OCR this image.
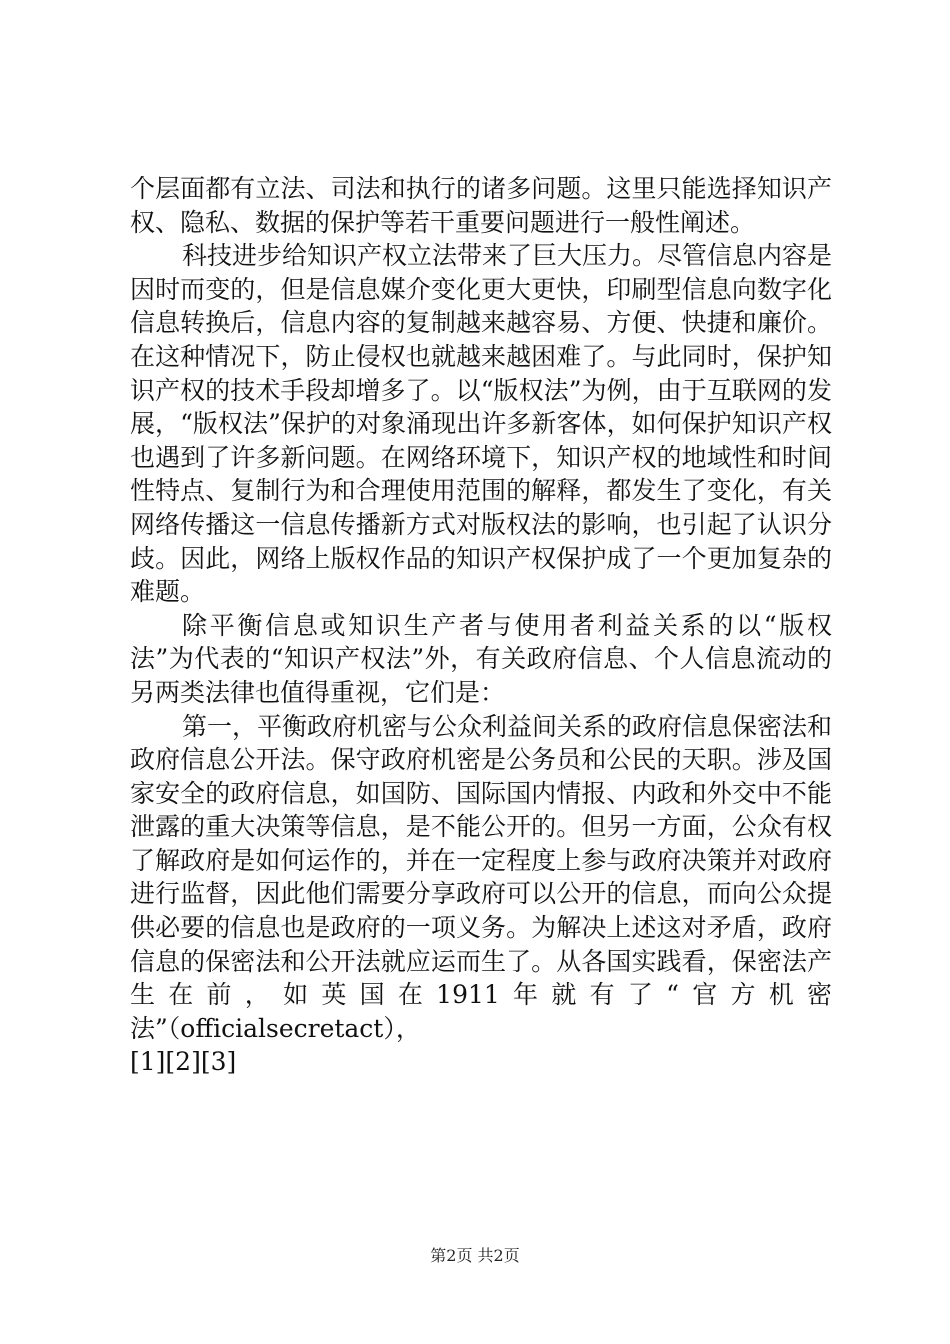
个层面都有立法、司法和执行的诸多问题。这里只能选择知识产权、隐私、数据的保护等若干重要问题进行一般性阐述。

科技进步给知识产权立法带来了巨大压力。尽管信息内容是因时而变的，但是信息媒介变化更大更快，印刷型信息向数字化信息转换后，信息内容的复制越来越容易、方便、快捷和廉价。在这种情况下，防止侵权也就越来越困难了。与此同时，保护知识产权的技术手段却增多了。以“版权法”为例，由于互联网的发展，“版权法”保护的对象涌现出许多新客体，如何保护知识产权也遇到了许多新问题。在网络环境下，知识产权的地域性和时间性特点、复制行为和合理使用范围的解释，都发生了变化，有关网络传播这一信息传播新方式对版权法的影响，也引起了认识分歧。因此，网络上版权作品的知识产权保护成了一个更加复杂的难题。

除平衡信息或知识生产者与使用者利益关系的以“版权法”为代表的“知识产权法”外，有关政府信息、个人信息流动的另两类法律也值得重视，它们是：

第一，平衡政府机密与公众利益间关系的政府信息保密法和政府信息公开法。保守政府机密是公务员和公民的天职。涉及国家安全的政府信息，如国防、国际国内情报、内政和外交中不能泄露的重大决策等信息，是不能公开的。但另一方面，公众有权了解政府是如何运作的，并在一定程度上参与政府决策并对政府进行监督，因此他们需要分享政府可以公开的信息，而向公众提供必要的信息也是政府的一项义务。为解决上述这对矛盾，政府信息的保密法和公开法就应运而生了。从各国实践看，保密法产生在前，如英国在1911年就有了“官方机密法”（officialsecretact），

[1][2][3]

第2页 共2页
